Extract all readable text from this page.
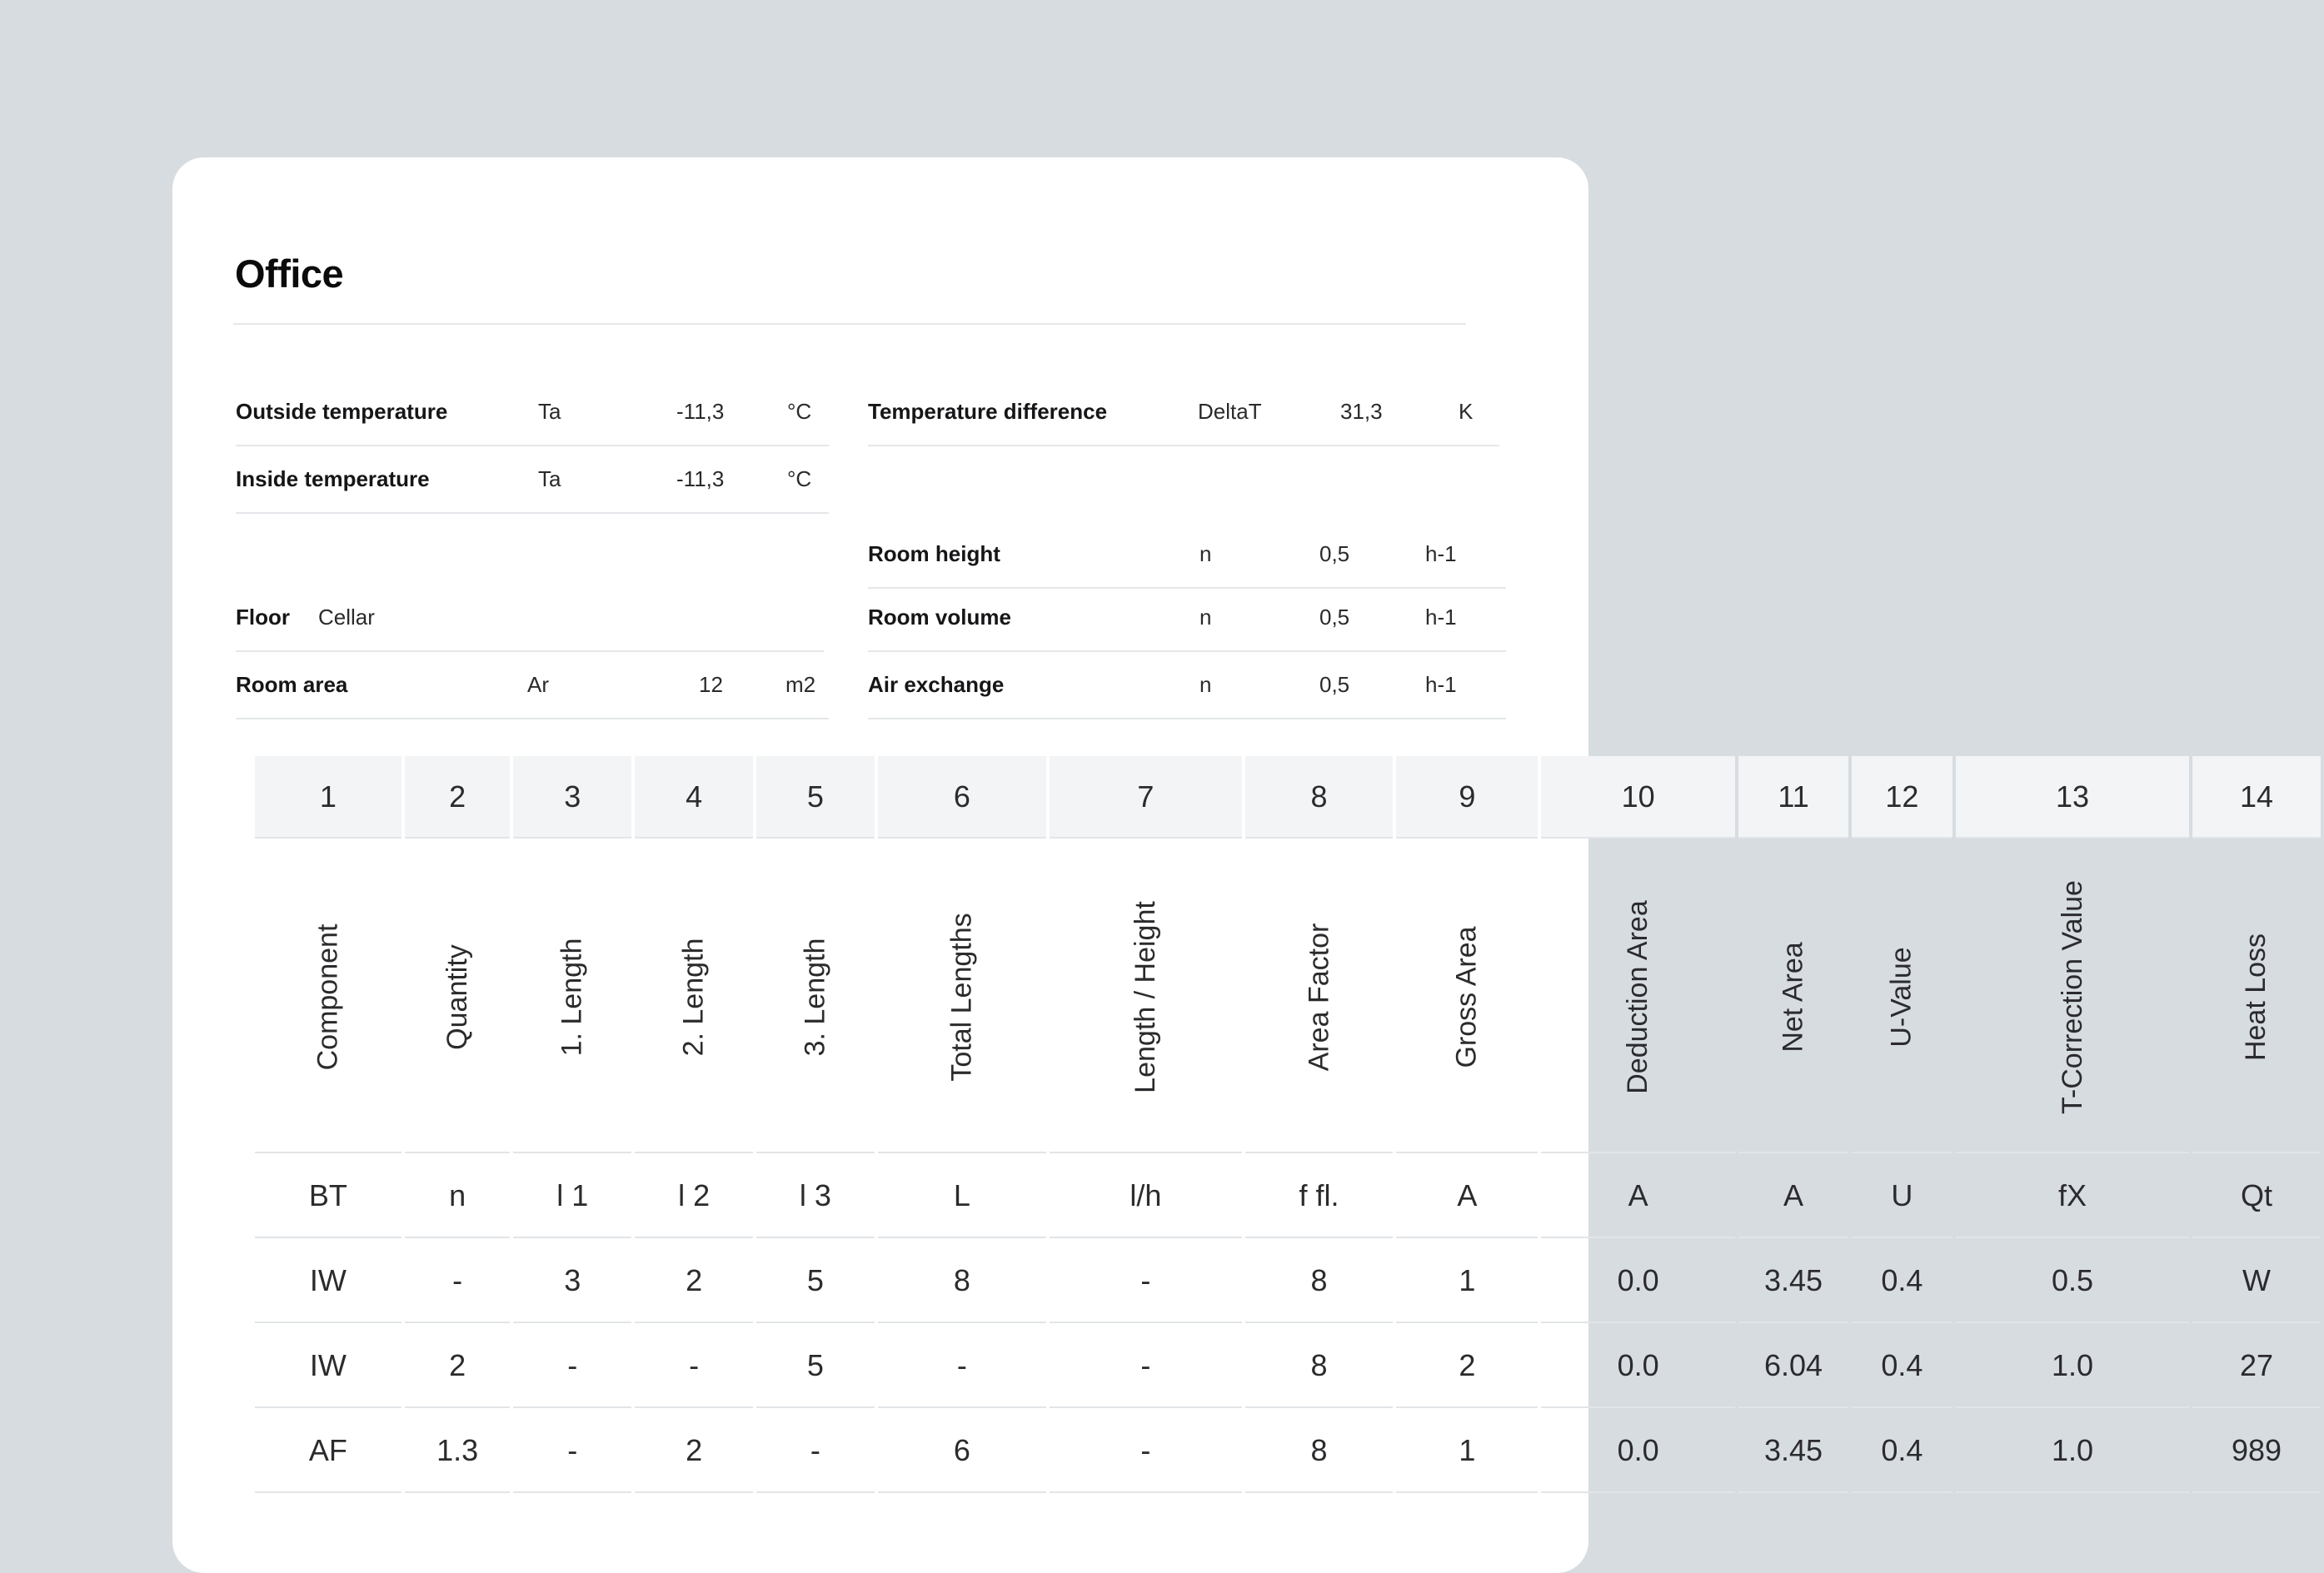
Office
Outside temperature	Ta	-11,3	°C
Inside temperature	Ta	-11,3	°C
Floor Cellar
Room area	Ar	12	m2
Temperature difference	DeltaT	31,3	K
Room height	n	0,5	h-1
Room volume	n	0,5	h-1
Air exchange	n	0,5	h-1
1	2	3	4	5	6	7	8	9	10	11	12	13	14
Component	Quantity	1. Length	2. Length	3. Length	Total Lengths	Length / Height	Area Factor	Gross Area	Deduction Area	Net Area	U-Value	T-Correction Value	Heat Loss
BT	n	l 1	l 2	l 3	L	l/h	f fl.	A	A	A	U	fX	Qt
IW	-	3	2	5	8	-	8	1	0.0	3.45	0.4	0.5	W
IW	2	-	-	5	-	-	8	2	0.0	6.04	0.4	1.0	27
AF	1.3	-	2	-	6	-	8	1	0.0	3.45	0.4	1.0	989
